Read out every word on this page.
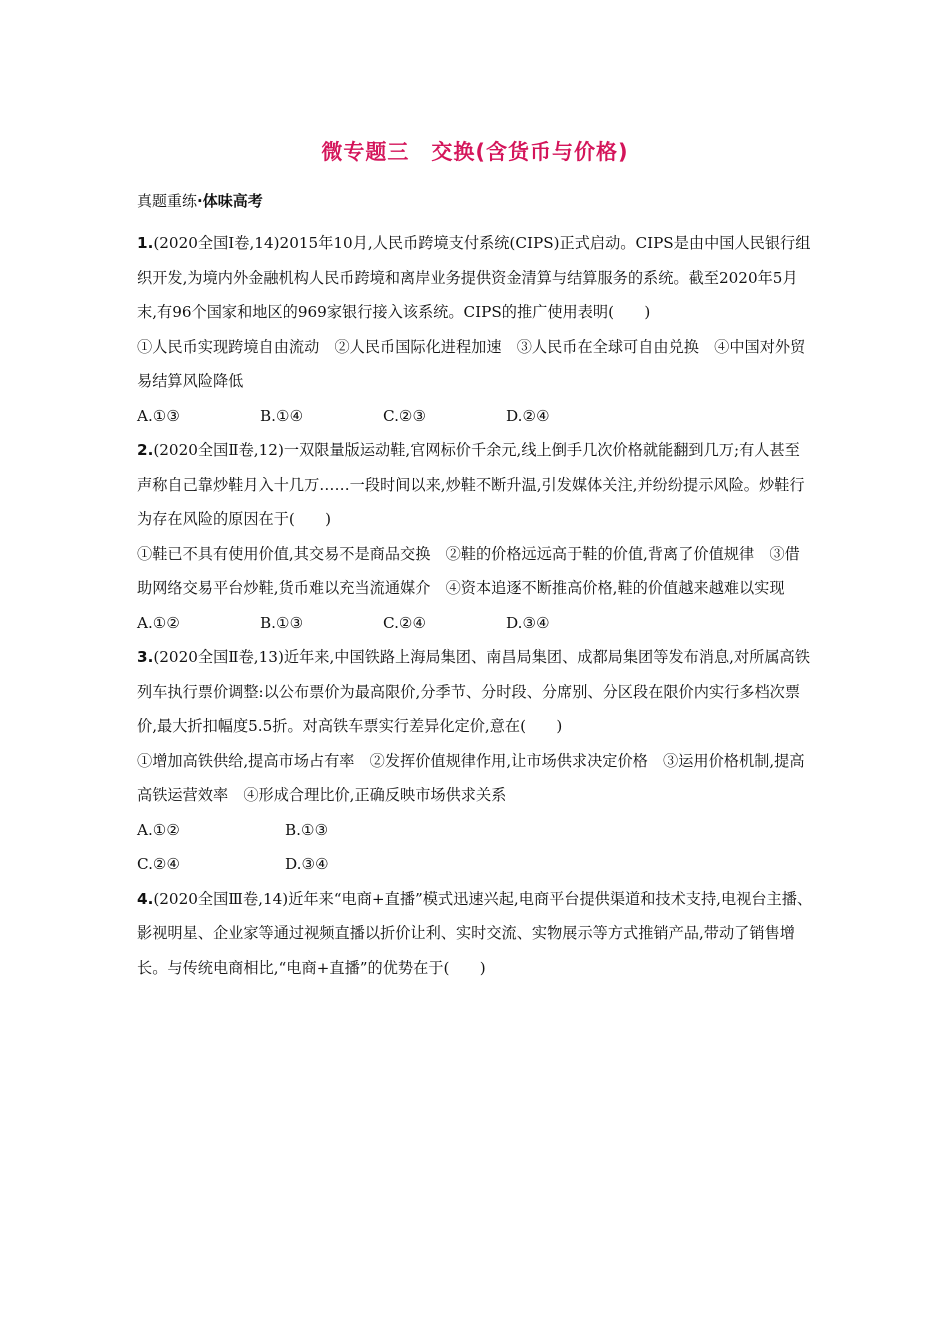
微专题三　交换(含货币与价格)
真题重练·体味高考

1.(2020全国Ⅰ卷,14)2015年10月,人民币跨境支付系统(CIPS)正式启动。CIPS是由中国人民银行组织开发,为境内外金融机构人民币跨境和离岸业务提供资金清算与结算服务的系统。截至2020年5月末,有96个国家和地区的969家银行接入该系统。CIPS的推广使用表明(　　)

①人民币实现跨境自由流动　②人民币国际化进程加速　③人民币在全球可自由兑换　④中国对外贸易结算风险降低

A.①③	B.①④	C.②③	D.②④

2.(2020全国Ⅱ卷,12)一双限量版运动鞋,官网标价千余元,线上倒手几次价格就能翻到几万;有人甚至声称自己靠炒鞋月入十几万……一段时间以来,炒鞋不断升温,引发媒体关注,并纷纷提示风险。炒鞋行为存在风险的原因在于(　　)

①鞋已不具有使用价值,其交易不是商品交换　②鞋的价格远远高于鞋的价值,背离了价值规律　③借助网络交易平台炒鞋,货币难以充当流通媒介　④资本追逐不断推高价格,鞋的价值越来越难以实现

A.①②	B.①③	C.②④	D.③④

3.(2020全国Ⅱ卷,13)近年来,中国铁路上海局集团、南昌局集团、成都局集团等发布消息,对所属高铁列车执行票价调整:以公布票价为最高限价,分季节、分时段、分席别、分区段在限价内实行多档次票价,最大折扣幅度5.5折。对高铁车票实行差异化定价,意在(　　)

①增加高铁供给,提高市场占有率　②发挥价值规律作用,让市场供求决定价格　③运用价格机制,提高高铁运营效率　④形成合理比价,正确反映市场供求关系

A.①②	B.①③
C.②④	D.③④

4.(2020全国Ⅲ卷,14)近年来“电商+直播”模式迅速兴起,电商平台提供渠道和技术支持,电视台主播、影视明星、企业家等通过视频直播以折价让利、实时交流、实物展示等方式推销产品,带动了销售增长。与传统电商相比,“电商+直播”的优势在于(　　)
